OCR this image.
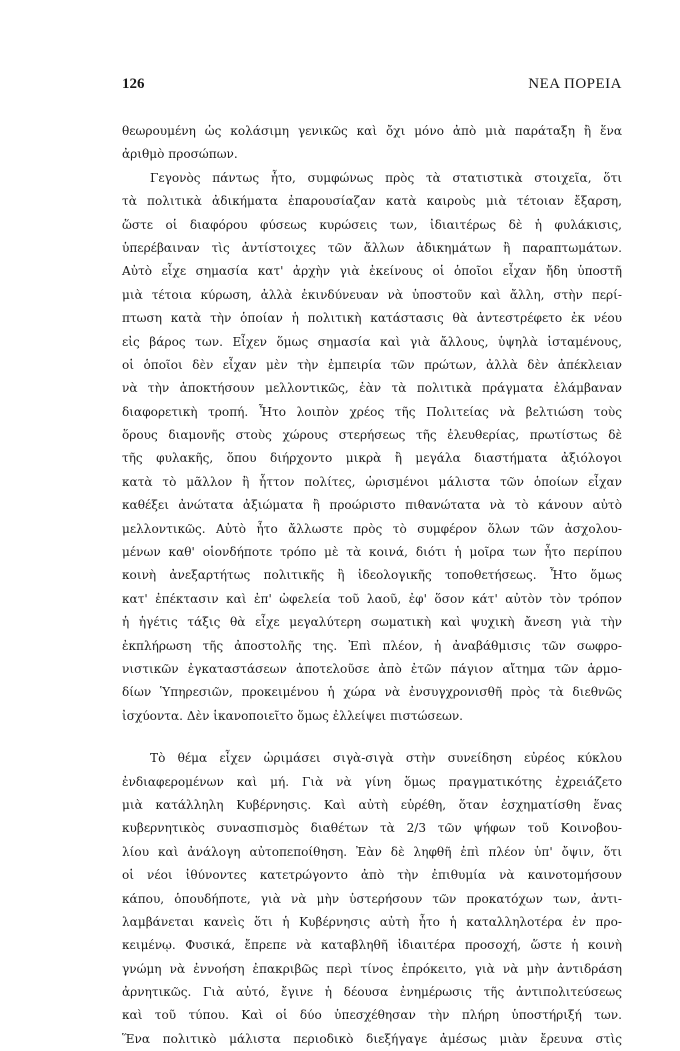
126	ΝΕΑ ΠΟΡΕΙΑ
θεωρουμένη ὡς κολάσιμη γενικῶς καὶ ὄχι μόνο ἀπὸ μιὰ παράταξη ἢ ἕνα
ἀριθμὸ προσώπων.
Γεγονὸς πάντως ἦτο, συμφώνως πρὸς τὰ στατιστικὰ στοιχεῖα, ὅτι
τὰ πολιτικὰ ἀδικήματα ἐπαρουσίαζαν κατὰ καιροὺς μιὰ τέτοιαν ἔξαρση,
ὥστε οἱ διαφόρου φύσεως κυρώσεις των, ἰδιαιτέρως δὲ ἡ φυλάκισις,
ὑπερέβαιναν τὶς ἀντίστοιχες τῶν ἄλλων ἀδικημάτων ἢ παραπτωμάτων.
Αὐτὸ εἶχε σημασία κατ' ἀρχὴν γιὰ ἐκείνους οἱ ὁποῖοι εἶχαν ἤδη ὑποστῆ
μιὰ τέτοια κύρωση, ἀλλὰ ἐκινδύνευαν νὰ ὑποστοῦν καὶ ἄλλη, στὴν περί-
πτωση κατὰ τὴν ὁποίαν ἡ πολιτικὴ κατάστασις θὰ ἀντεστρέφετο ἐκ νέου
εἰς βάρος των. Εἶχεν ὅμως σημασία καὶ γιὰ ἄλλους, ὑψηλὰ ἱσταμένους,
οἱ ὁποῖοι δὲν εἶχαν μὲν τὴν ἐμπειρία τῶν πρώτων, ἀλλὰ δὲν ἀπέκλειαν
νὰ τὴν ἀποκτήσουν μελλοντικῶς, ἐὰν τὰ πολιτικὰ πράγματα ἐλάμβαναν
διαφορετικὴ τροπή. Ἦτο λοιπὸν χρέος τῆς Πολιτείας νὰ βελτιώση τοὺς
ὅρους διαμονῆς στοὺς χώρους στερήσεως τῆς ἐλευθερίας, πρωτίστως δὲ
τῆς φυλακῆς, ὅπου διήρχοντο μικρὰ ἢ μεγάλα διαστήματα ἀξιόλογοι
κατὰ τὸ μᾶλλον ἢ ἧττον πολίτες, ὡρισμένοι μάλιστα τῶν ὁποίων εἶχαν
καθέξει ἀνώτατα ἀξιώματα ἢ προώριστο πιθανώτατα νὰ τὸ κάνουν αὐτὸ
μελλοντικῶς. Αὐτὸ ἦτο ἄλλωστε πρὸς τὸ συμφέρον ὅλων τῶν ἀσχολου-
μένων καθ' οἱονδήποτε τρόπο μὲ τὰ κοινά, διότι ἡ μοῖρα των ἦτο περίπου
κοινὴ ἀνεξαρτήτως πολιτικῆς ἢ ἰδεολογικῆς τοποθετήσεως. Ἦτο ὅμως
κατ' ἐπέκτασιν καὶ ἐπ' ὠφελεία τοῦ λαοῦ, ἐφ' ὅσον κάτ' αὐτὸν τὸν τρόπον
ἡ ἡγέτις τάξις θὰ εἶχε μεγαλύτερη σωματικὴ καὶ ψυχικὴ ἄνεση γιὰ τὴν
ἐκπλήρωση τῆς ἀποστολῆς της. Ἐπὶ πλέον, ἡ ἀναβάθμισις τῶν σωφρο-
νιστικῶν ἐγκαταστάσεων ἀποτελοῦσε ἀπὸ ἐτῶν πάγιον αἴτημα τῶν ἁρμο-
δίων Ὑπηρεσιῶν, προκειμένου ἡ χώρα νὰ ἐνσυγχρονισθῆ πρὸς τὰ διεθνῶς
ἰσχύοντα. Δὲν ἱκανοποιεῖτο ὅμως ἐλλείψει πιστώσεων.
Τὸ θέμα εἶχεν ὡριμάσει σιγὰ-σιγὰ στὴν συνείδηση εὐρέος κύκλου
ἐνδιαφερομένων καὶ μή. Γιὰ νὰ γίνη ὅμως πραγματικότης ἐχρειάζετο
μιὰ κατάλληλη Κυβέρνησις. Καὶ αὐτὴ εὑρέθη, ὅταν ἐσχηματίσθη ἕνας
κυβερνητικὸς συνασπισμὸς διαθέτων τὰ 2/3 τῶν ψήφων τοῦ Κοινοβου-
λίου καὶ ἀνάλογη αὐτοπεποίθηση. Ἐὰν δὲ ληφθῆ ἐπὶ πλέον ὑπ' ὄψιν, ὅτι
οἱ νέοι ἰθύνοντες κατετρώγοντο ἀπὸ τὴν ἐπιθυμία νὰ καινοτομήσουν
κάπου, ὁπουδήποτε, γιὰ νὰ μὴν ὑστερήσουν τῶν προκατόχων των, ἀντι-
λαμβάνεται κανεὶς ὅτι ἡ Κυβέρνησις αὐτὴ ἦτο ἡ καταλληλοτέρα ἐν προ-
κειμένῳ. Φυσικά, ἔπρεπε νὰ καταβληθῆ ἰδιαιτέρα προσοχή, ὥστε ἡ κοινὴ
γνώμη νὰ ἐννοήση ἐπακριβῶς περὶ τίνος ἐπρόκειτο, γιὰ νὰ μὴν ἀντιδράση
ἀρνητικῶς. Γιὰ αὐτό, ἔγινε ἡ δέουσα ἐνημέρωσις τῆς ἀντιπολιτεύσεως
καὶ τοῦ τύπου. Καὶ οἱ δύο ὑπεσχέθησαν τὴν πλήρη ὑποστήριξή των.
Ἕνα πολιτικὸ μάλιστα περιοδικὸ διεξήγαγε ἀμέσως μιὰν ἔρευνα στὶς
